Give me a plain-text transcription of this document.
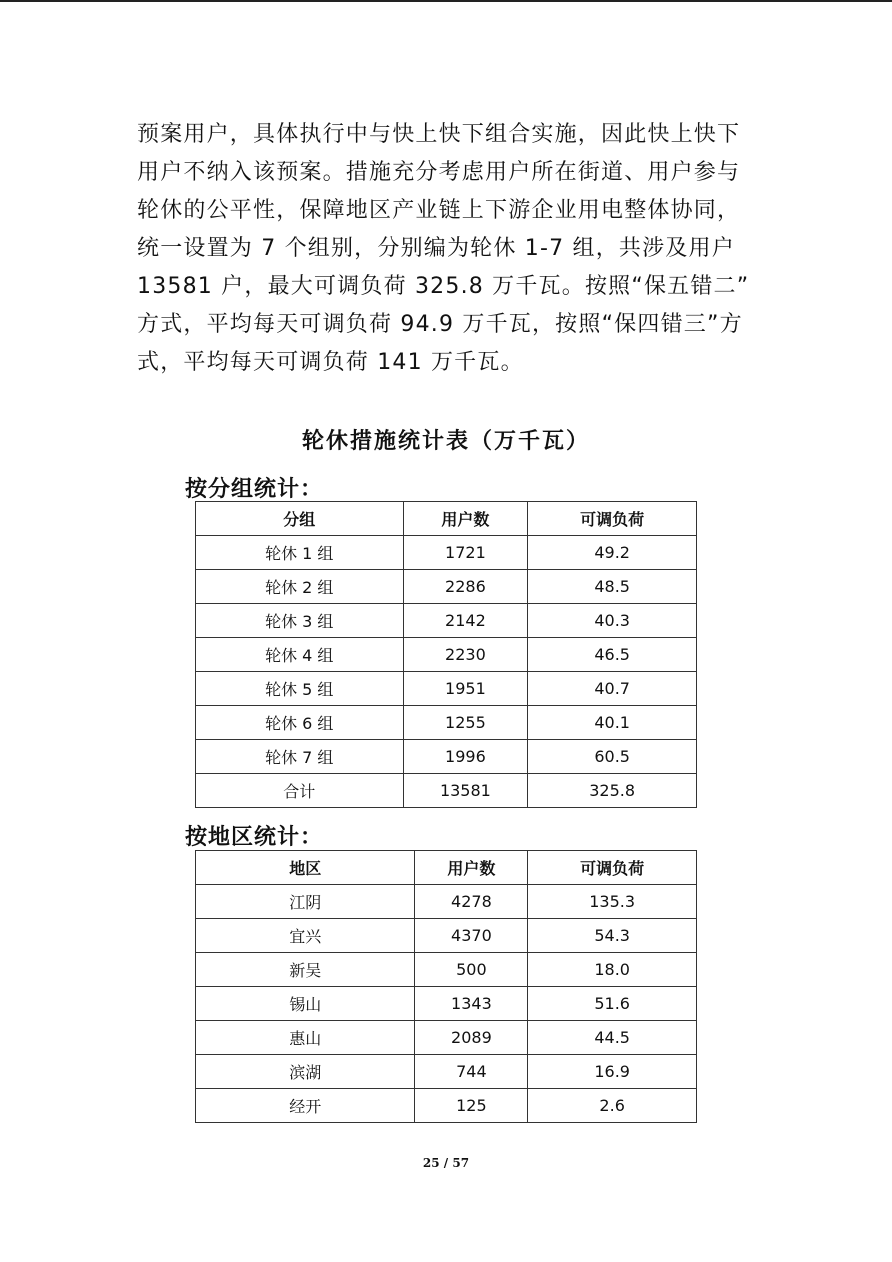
预案用户，具体执行中与快上快下组合实施，因此快上快下

用户不纳入该预案。措施充分考虑用户所在街道、用户参与

轮休的公平性，保障地区产业链上下游企业用电整体协同，

统一设置为 7 个组别，分别编为轮休 1-7 组，共涉及用户

13581 户，最大可调负荷 325.8 万千瓦。按照“保五错二”

方式，平均每天可调负荷 94.9 万千瓦，按照“保四错三”方

式，平均每天可调负荷 141 万千瓦。

轮休措施统计表（万千瓦）
按分组统计：
分组	用户数	可调负荷
轮休 1 组	1721	49.2
轮休 2 组	2286	48.5
轮休 3 组	2142	40.3
轮休 4 组	2230	46.5
轮休 5 组	1951	40.7
轮休 6 组	1255	40.1
轮休 7 组	1996	60.5
合计	13581	325.8
按地区统计：
地区	用户数	可调负荷
江阴	4278	135.3
宜兴	4370	54.3
新吴	500	18.0
锡山	1343	51.6
惠山	2089	44.5
滨湖	744	16.9
经开	125	2.6
25 / 57
